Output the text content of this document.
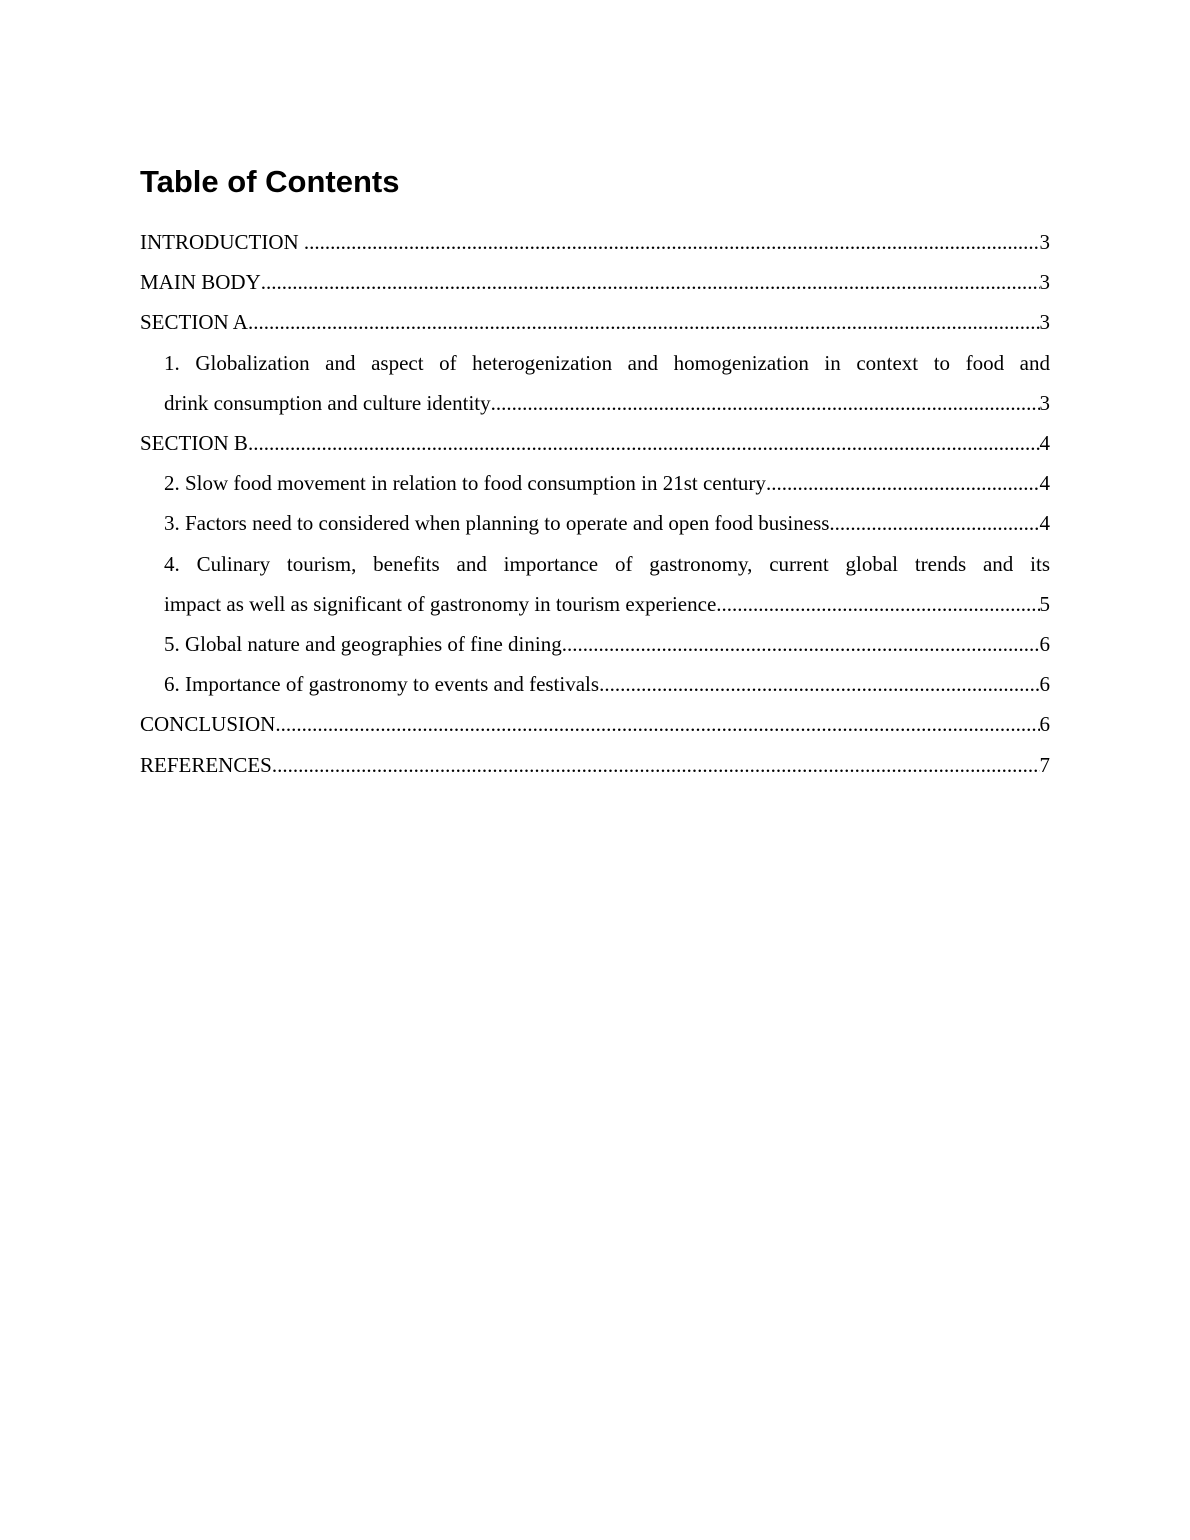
Table of Contents
INTRODUCTION .....	3
MAIN BODY .....	3
SECTION A .....	3
1. Globalization and aspect of heterogenization and homogenization in context to food and
drink consumption and culture identity .....	3
SECTION B .....	4
2. Slow food movement in relation to food consumption in 21st century .....	4
3. Factors need to considered when planning to operate and open food business .....	4
4. Culinary tourism, benefits and importance of gastronomy, current global trends and its
impact as well as significant of gastronomy in tourism experience .....	5
5. Global nature and geographies of fine dining .....	6
6. Importance of gastronomy to events and festivals .....	6
CONCLUSION .....	6
REFERENCES .....	7
